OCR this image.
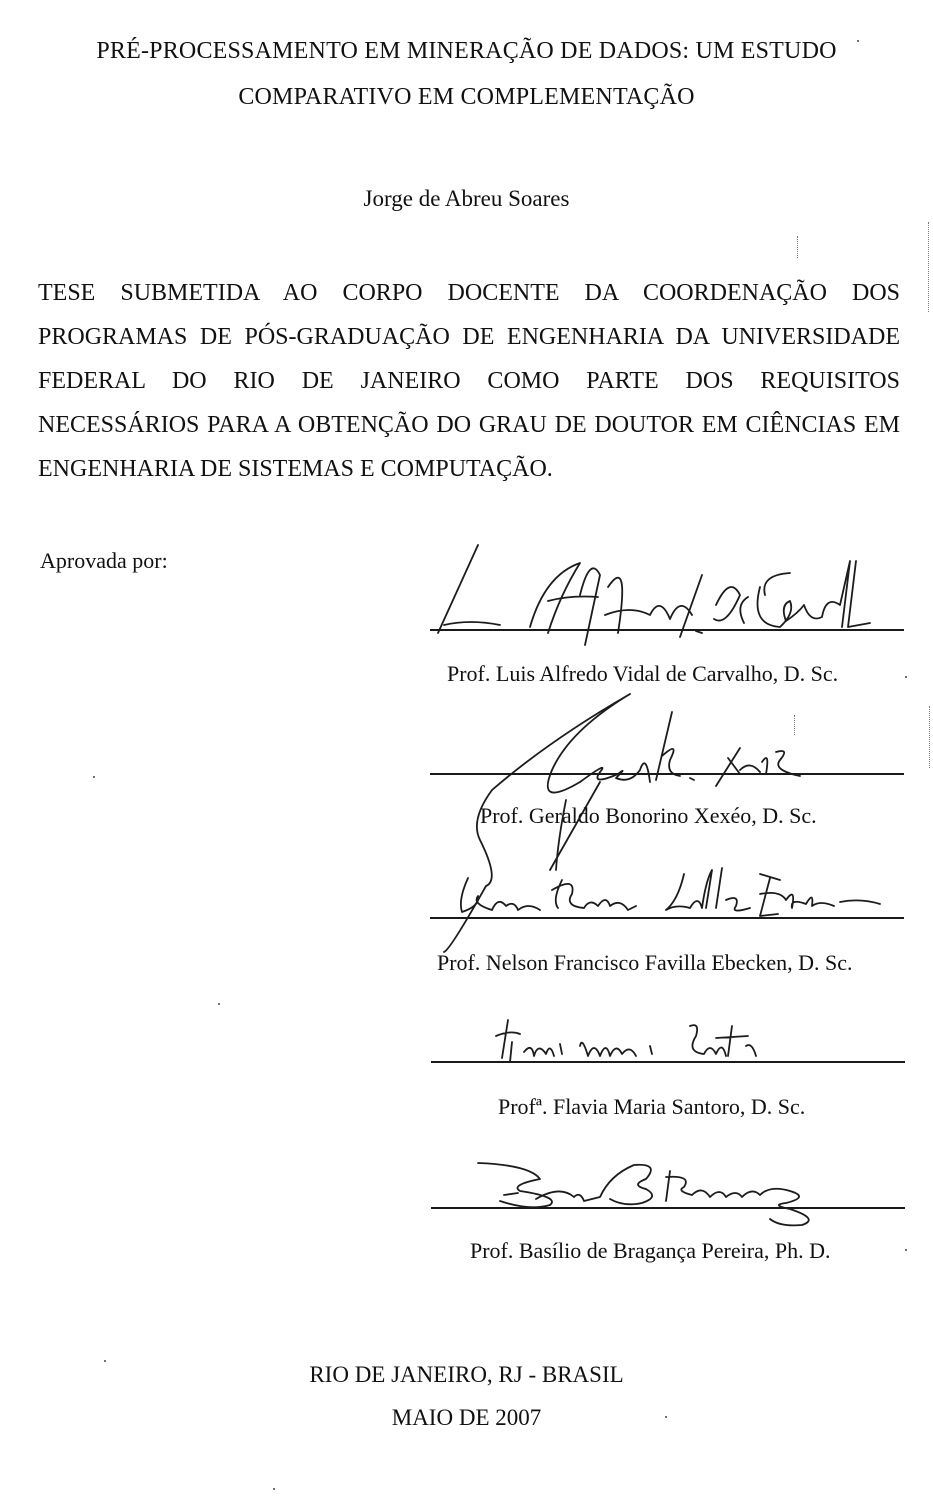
PRÉ-PROCESSAMENTO EM MINERAÇÃO DE DADOS: UM ESTUDO
COMPARATIVO EM COMPLEMENTAÇÃO
Jorge de Abreu Soares
TESE SUBMETIDA AO CORPO DOCENTE DA COORDENAÇÃO DOS
PROGRAMAS DE PÓS-GRADUAÇÃO DE ENGENHARIA DA UNIVERSIDADE
FEDERAL DO RIO DE JANEIRO COMO PARTE DOS REQUISITOS
NECESSÁRIOS PARA A OBTENÇÃO DO GRAU DE DOUTOR EM CIÊNCIAS EM
ENGENHARIA DE SISTEMAS E COMPUTAÇÃO.
Aprovada por:
Prof. Luis Alfredo Vidal de Carvalho, D. Sc.
Prof. Geraldo Bonorino Xexéo, D. Sc.
Prof. Nelson Francisco Favilla Ebecken, D. Sc.
Profª. Flavia Maria Santoro, D. Sc.
Prof. Basílio de Bragança Pereira, Ph. D.
RIO DE JANEIRO, RJ - BRASIL
MAIO DE 2007
